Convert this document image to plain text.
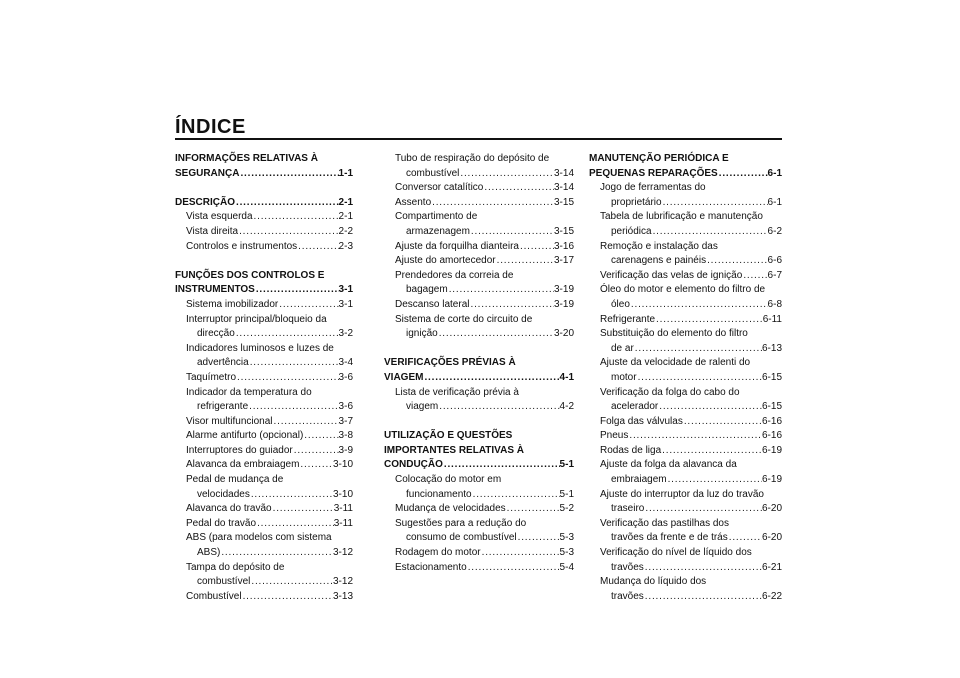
ÍNDICE
INFORMAÇÕES RELATIVAS À
SEGURANÇA .....	1-1
DESCRIÇÃO .....	2-1
Vista esquerda .....	2-1
Vista direita .....	2-2
Controlos e instrumentos .....	2-3
FUNÇÕES DOS CONTROLOS E
INSTRUMENTOS .....	3-1
Sistema imobilizador .....	3-1
Interruptor principal/bloqueio da
direcção .....	3-2
Indicadores luminosos e luzes de
advertência .....	3-4
Taquímetro .....	3-6
Indicador da temperatura do
refrigerante .....	3-6
Visor multifuncional .....	3-7
Alarme antifurto (opcional) .....	3-8
Interruptores do guiador .....	3-9
Alavanca da embraiagem .....	3-10
Pedal de mudança de
velocidades .....	3-10
Alavanca do travão .....	3-11
Pedal do travão .....	3-11
ABS (para modelos com sistema
ABS) .....	3-12
Tampa do depósito de
combustível .....	3-12
Combustível .....	3-13
Tubo de respiração do depósito de
combustível .....	3-14
Conversor catalítico .....	3-14
Assento .....	3-15
Compartimento de
armazenagem .....	3-15
Ajuste da forquilha dianteira .....	3-16
Ajuste do amortecedor .....	3-17
Prendedores da correia de
bagagem .....	3-19
Descanso lateral .....	3-19
Sistema de corte do circuito de
ignição .....	3-20
VERIFICAÇÕES PRÉVIAS À
VIAGEM .....	4-1
Lista de verificação prévia à
viagem .....	4-2
UTILIZAÇÃO E QUESTÕES
IMPORTANTES RELATIVAS À
CONDUÇÃO .....	5-1
Colocação do motor em
funcionamento .....	5-1
Mudança de velocidades .....	5-2
Sugestões para a redução do
consumo de combustível .....	5-3
Rodagem do motor .....	5-3
Estacionamento .....	5-4
MANUTENÇÃO PERIÓDICA E
PEQUENAS REPARAÇÕES .....	6-1
Jogo de ferramentas do
proprietário .....	6-1
Tabela de lubrificação e manutenção
periódica .....	6-2
Remoção e instalação das
carenagens e painéis .....	6-6
Verificação das velas de ignição .....	6-7
Óleo do motor e elemento do filtro de
óleo .....	6-8
Refrigerante .....	6-11
Substituição do elemento do filtro
de ar .....	6-13
Ajuste da velocidade de ralenti do
motor .....	6-15
Verificação da folga do cabo do
acelerador .....	6-15
Folga das válvulas .....	6-16
Pneus .....	6-16
Rodas de liga .....	6-19
Ajuste da folga da alavanca da
embraiagem .....	6-19
Ajuste do interruptor da luz do travão
traseiro .....	6-20
Verificação das pastilhas dos
travões da frente e de trás .....	6-20
Verificação do nível de líquido dos
travões .....	6-21
Mudança do líquido dos
travões .....	6-22
